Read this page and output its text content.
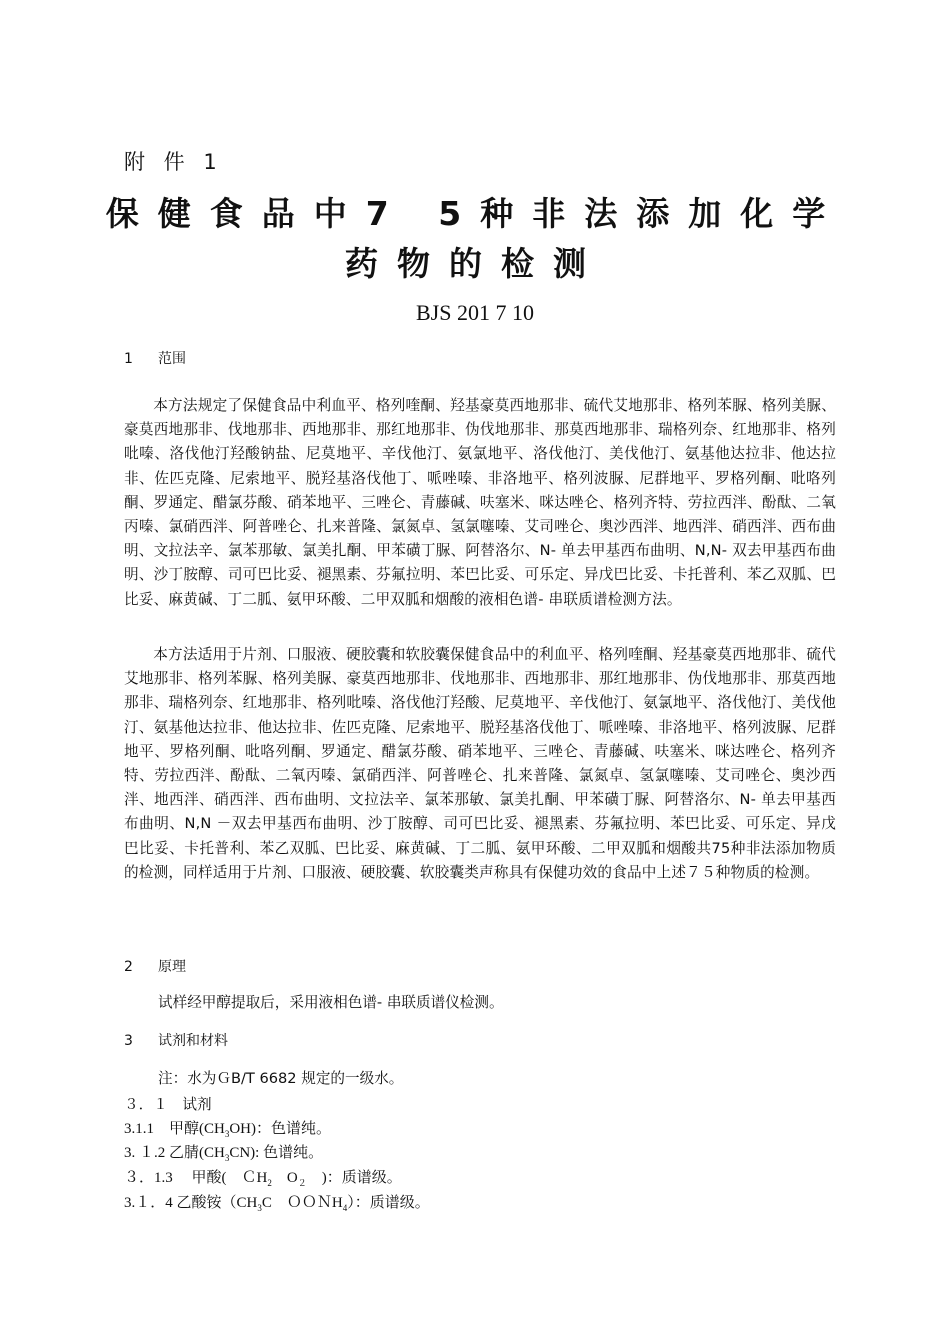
附 件 1
保健食品中7 5种非法添加化学
药物的检测
BJS 201 7 10
1 范围

本方法规定了保健食品中利血平、格列喹酮、羟基豪莫西地那非、硫代艾地那非、格列苯脲、格列美脲、豪莫西地那非、伐地那非、西地那非、那红地那非、伪伐地那非、那莫西地那非、瑞格列奈、红地那非、格列吡嗪、洛伐他汀羟酸钠盐、尼莫地平、辛伐他汀、氨氯地平、洛伐他汀、美伐他汀、氨基他达拉非、他达拉非、佐匹克隆、尼索地平、脱羟基洛伐他丁、哌唑嗪、非洛地平、格列波脲、尼群地平、罗格列酮、吡咯列酮、罗通定、醋氯芬酸、硝苯地平、三唑仑、青藤碱、呋塞米、咪达唑仑、格列齐特、劳拉西泮、酚酞、二氧丙嗪、氯硝西泮、阿普唑仑、扎来普隆、氯氮卓、氢氯噻嗪、艾司唑仑、奥沙西泮、地西泮、硝西泮、西布曲明、文拉法辛、氯苯那敏、氯美扎酮、甲苯磺丁脲、阿替洛尔、N- 单去甲基西布曲明、N,N- 双去甲基西布曲明、沙丁胺醇、司可巴比妥、褪黑素、芬氟拉明、苯巴比妥、可乐定、异戊巴比妥、卡托普利、苯乙双胍、巴比妥、麻黄碱、丁二胍、氨甲环酸、二甲双胍和烟酸的液相色谱- 串联质谱检测方法。

本方法适用于片剂、口服液、硬胶囊和软胶囊保健食品中的利血平、格列喹酮、羟基豪莫西地那非、硫代艾地那非、格列苯脲、格列美脲、豪莫西地那非、伐地那非、西地那非、那红地那非、伪伐地那非、那莫西地那非、瑞格列奈、红地那非、格列吡嗪、洛伐他汀羟酸、尼莫地平、辛伐他汀、氨氯地平、洛伐他汀、美伐他汀、氨基他达拉非、他达拉非、佐匹克隆、尼索地平、脱羟基洛伐他丁、哌唑嗪、非洛地平、格列波脲、尼群地平、罗格列酮、吡咯列酮、罗通定、醋氯芬酸、硝苯地平、三唑仑、青藤碱、呋塞米、咪达唑仑、格列齐特、劳拉西泮、酚酞、二氧丙嗪、氯硝西泮、阿普唑仑、扎来普隆、氯氮卓、氢氯噻嗪、艾司唑仑、奥沙西泮、地西泮、硝西泮、西布曲明、文拉法辛、氯苯那敏、氯美扎酮、甲苯磺丁脲、阿替洛尔、N- 单去甲基西布曲明、N,N －双去甲基西布曲明、沙丁胺醇、司可巴比妥、褪黑素、芬氟拉明、苯巴比妥、可乐定、异戊巴比妥、卡托普利、苯乙双胍、巴比妥、麻黄碱、丁二胍、氨甲环酸、二甲双胍和烟酸共75种非法添加物质的检测，同样适用于片剂、口服液、硬胶囊、软胶囊类声称具有保健功效的食品中上述７５种物质的检测。

2 原理
试样经甲醇提取后，采用液相色谱- 串联质谱仪检测。
3 试剂和材料
注：水为ＧB/T 6682 规定的一级水。
３．１　试剂
3.1.1　甲醇$(CH_3OH)$：色谱纯。
3. １.2 乙腈$(CH_3CN)$: 色谱纯。
３．1.3　 甲酸(　ＣH$_2$　$O_2$　)：质谱级。
3.１．4 乙酸铵（$CH_3C$　ＯＯＮH$_4$）：质谱级。
